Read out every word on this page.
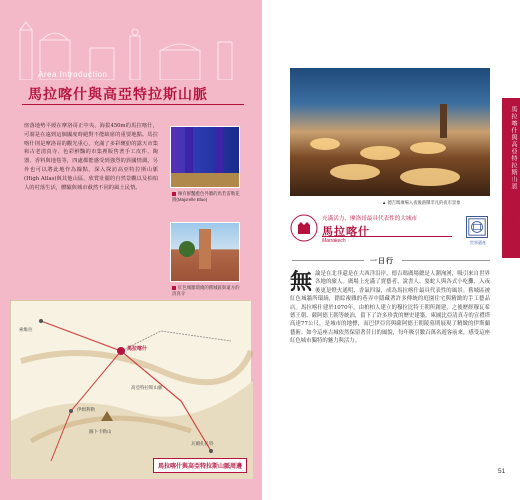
Area Introduction
馬拉喀什與高亞特拉斯山脈
座落地勢平緩在摩洛哥正中央，海拔450m的馬拉喀什，可謂是在遠到這個國度時絕對不能缺席的重要地點。馬拉喀什則是摩洛哥的觀光重心，充滿了多彩繽紛的露天市集和古老清真寺、色彩鮮豔的市集裡販售著手工皮件、陶器、香料與地毯等，四處都能感受到強烈的異國情調。另外也可以將此地作為據點，深入探訪高亞特拉斯山脈(High Atlas)與其他山區，欣賞壯麗的自然景觀以及柏柏人的村落生活，體驗與城市截然不同的風土民情。
擁有鮮豔藍色外牆的馬若雷勒花園(Majorelle Blue)
紅色城牆環繞的舊城區與遠方的清真寺
馬拉喀什
高亞特拉斯山脈
瓦爾扎扎特
索維拉
伊姆利勒
圖卜卡勒山
馬拉喀什與高亞特拉斯山脈周邊
▲ 德吉瑪廣場入夜後熱鬧非凡的夜市景象
充滿活力、摩洛哥最具代表性的大城市
馬拉喀什
Marrakech	世界遺產
一日行
無論是在北非還是在大西洋沿岸，德吉瑪廣場總是人潮洶湧，吸引來自世界各地的旅人。廣場上充滿了賣藝者、說書人、耍蛇人與各式小吃攤，入夜後更是燈火通明、香氣四溢，成為馬拉喀什最具代表性的風景。舊城區被紅色城牆所環繞，錯綜複雜的巷弄中隱藏著許多傳統的庭園住宅與精緻的手工藝品店。馬拉喀什建於1070年，由柏柏人建立的穆拉比特王朝所創建，之後歷經穆瓦希德王朝、薩阿德王朝等統治，留下了許多珍貴的歷史建築。庫圖比亞清真寺的宣禮塔高達77公尺，是城市的地標，而巴伊亞宮與薩阿德王朝陵墓則展現了精緻的伊斯蘭藝術。如今這座古城依然保留著昔日的風貌，每年吸引數百萬名遊客前來，感受這座紅色城市獨特的魅力與活力。
馬拉喀什與高亞特拉斯山脈
馬拉喀什 Marrakech
51
